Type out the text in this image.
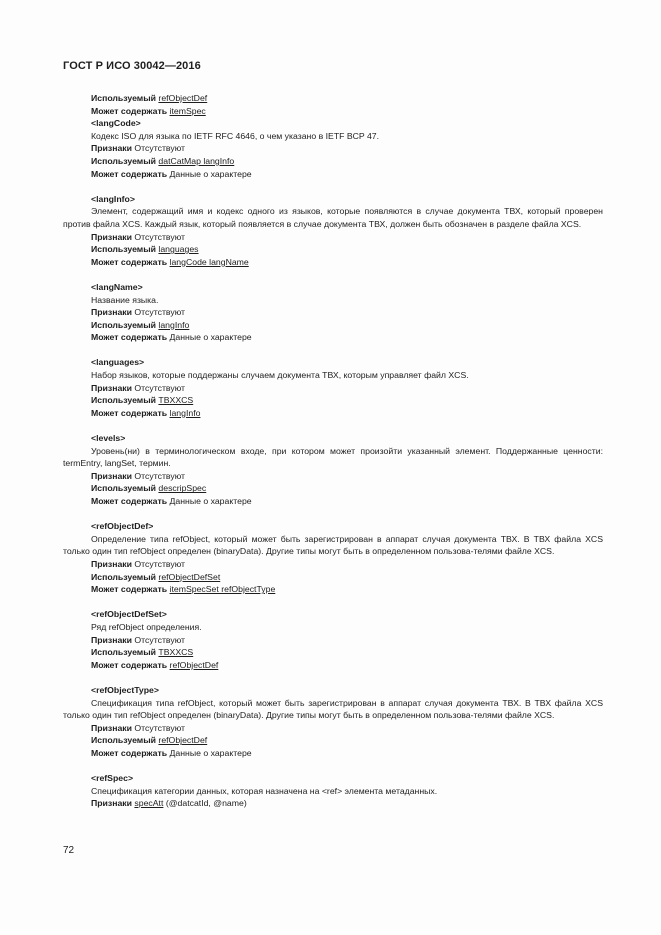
ГОСТ Р ИСО 30042—2016
Используемый refObjectDef
Может содержать itemSpec
<langCode>
Кодекс ISO для языка по IETF RFC 4646, о чем указано в IETF BCP 47.
Признаки Отсутствуют
Используемый datCatMap langInfo
Может содержать Данные о характере
<langInfo>
Элемент, содержащий имя и кодекс одного из языков, которые появляются в случае документа ТВХ, который проверен против файла XCS. Каждый язык, который появляется в случае документа ТВХ, должен быть обозначен в разделе файла XCS.
Признаки Отсутствуют
Используемый languages
Может содержать langCode langName
<langName>
Название языка.
Признаки Отсутствуют
Используемый langInfo
Может содержать Данные о характере
<languages>
Набор языков, которые поддержаны случаем документа ТВХ, которым управляет файл XCS.
Признаки Отсутствуют
Используемый TBXXCS
Может содержать langInfo
<levels>
Уровень(ни) в терминологическом входе, при котором может произойти указанный элемент. Поддержанные ценности: termEntry, langSet, термин.
Признаки Отсутствуют
Используемый descripSpec
Может содержать Данные о характере
<refObjectDef>
Определение типа refObject, который может быть зарегистрирован в аппарат случая документа ТВХ. В ТВХ файла XCS только один тип refObject определен (binaryData). Другие типы могут быть в определенном пользова-телями файле XCS.
Признаки Отсутствуют
Используемый refObjectDefSet
Может содержать itemSpecSet refObjectType
<refObjectDefSet>
Ряд refObject определения.
Признаки Отсутствуют
Используемый TBXXCS
Может содержать refObjectDef
<refObjectType>
Спецификация типа refObject, который может быть зарегистрирован в аппарат случая документа ТВХ. В ТВХ файла XCS только один тип refObject определен (binaryData). Другие типы могут быть в определенном пользова-телями файле XCS.
Признаки Отсутствуют
Используемый refObjectDef
Может содержать Данные о характере
<refSpec>
Спецификация категории данных, которая назначена на <ref> элемента метаданных.
Признаки specAtt (@datcatId, @name)
72
